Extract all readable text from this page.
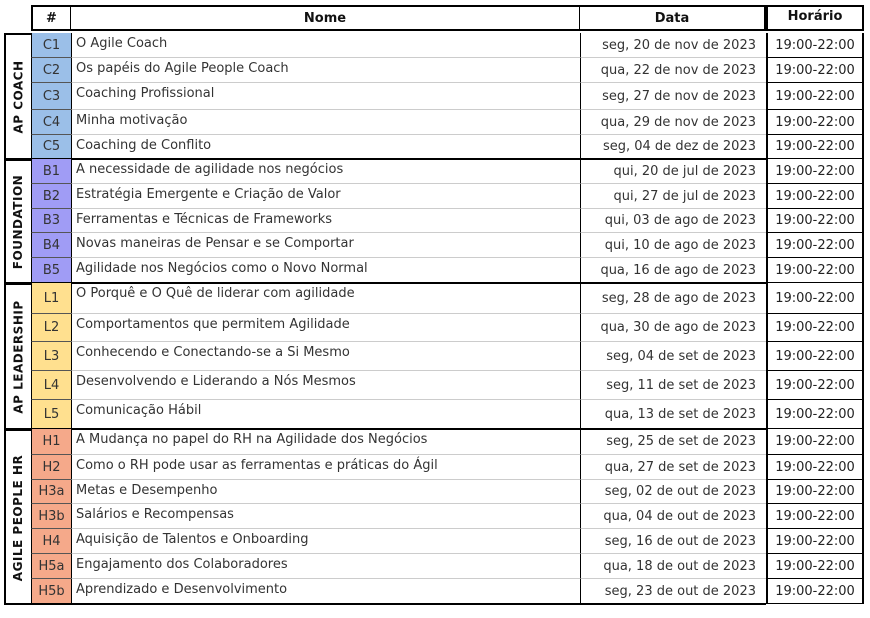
#	Nome	Data	Horário
C1	O Agile Coach	seg, 20 de nov de 2023	19:00-22:00
C2	Os papéis do Agile People Coach	qua, 22 de nov de 2023	19:00-22:00
C3	Coaching Profissional	seg, 27 de nov de 2023	19:00-22:00
C4	Minha motivação	qua, 29 de nov de 2023	19:00-22:00
C5	Coaching de Conflito	seg, 04 de dez de 2023	19:00-22:00
AP COACH
B1	A necessidade de agilidade nos negócios	qui, 20 de jul de 2023	19:00-22:00
B2	Estratégia Emergente e Criação de Valor	qui, 27 de jul de 2023	19:00-22:00
B3	Ferramentas e Técnicas de Frameworks	qui, 03 de ago de 2023	19:00-22:00
B4	Novas maneiras de Pensar e se Comportar	qui, 10 de ago de 2023	19:00-22:00
B5	Agilidade nos Negócios como o Novo Normal	qua, 16 de ago de 2023	19:00-22:00
FOUNDATION
L1	O Porquê e O Quê de liderar com agilidade	seg, 28 de ago de 2023	19:00-22:00
L2	Comportamentos que permitem Agilidade	qua, 30 de ago de 2023	19:00-22:00
L3	Conhecendo e Conectando-se a Si Mesmo	seg, 04 de set de 2023	19:00-22:00
L4	Desenvolvendo e Liderando a Nós Mesmos	seg, 11 de set de 2023	19:00-22:00
L5	Comunicação Hábil	qua, 13 de set de 2023	19:00-22:00
AP LEADERSHIP
H1	A Mudança no papel do RH na Agilidade dos Negócios	seg, 25 de set de 2023	19:00-22:00
H2	Como o RH pode usar as ferramentas e práticas do Ágil	qua, 27 de set de 2023	19:00-22:00
H3a Metas e Desempenho	seg, 02 de out de 2023	19:00-22:00
H3b Salários e Recompensas	qua, 04 de out de 2023	19:00-22:00
H4	Aquisição de Talentos e Onboarding	seg, 16 de out de 2023	19:00-22:00
H5a Engajamento dos Colaboradores	qua, 18 de out de 2023	19:00-22:00
H5b Aprendizado e Desenvolvimento	seg, 23 de out de 2023	19:00-22:00
AGILE PEOPLE HR
